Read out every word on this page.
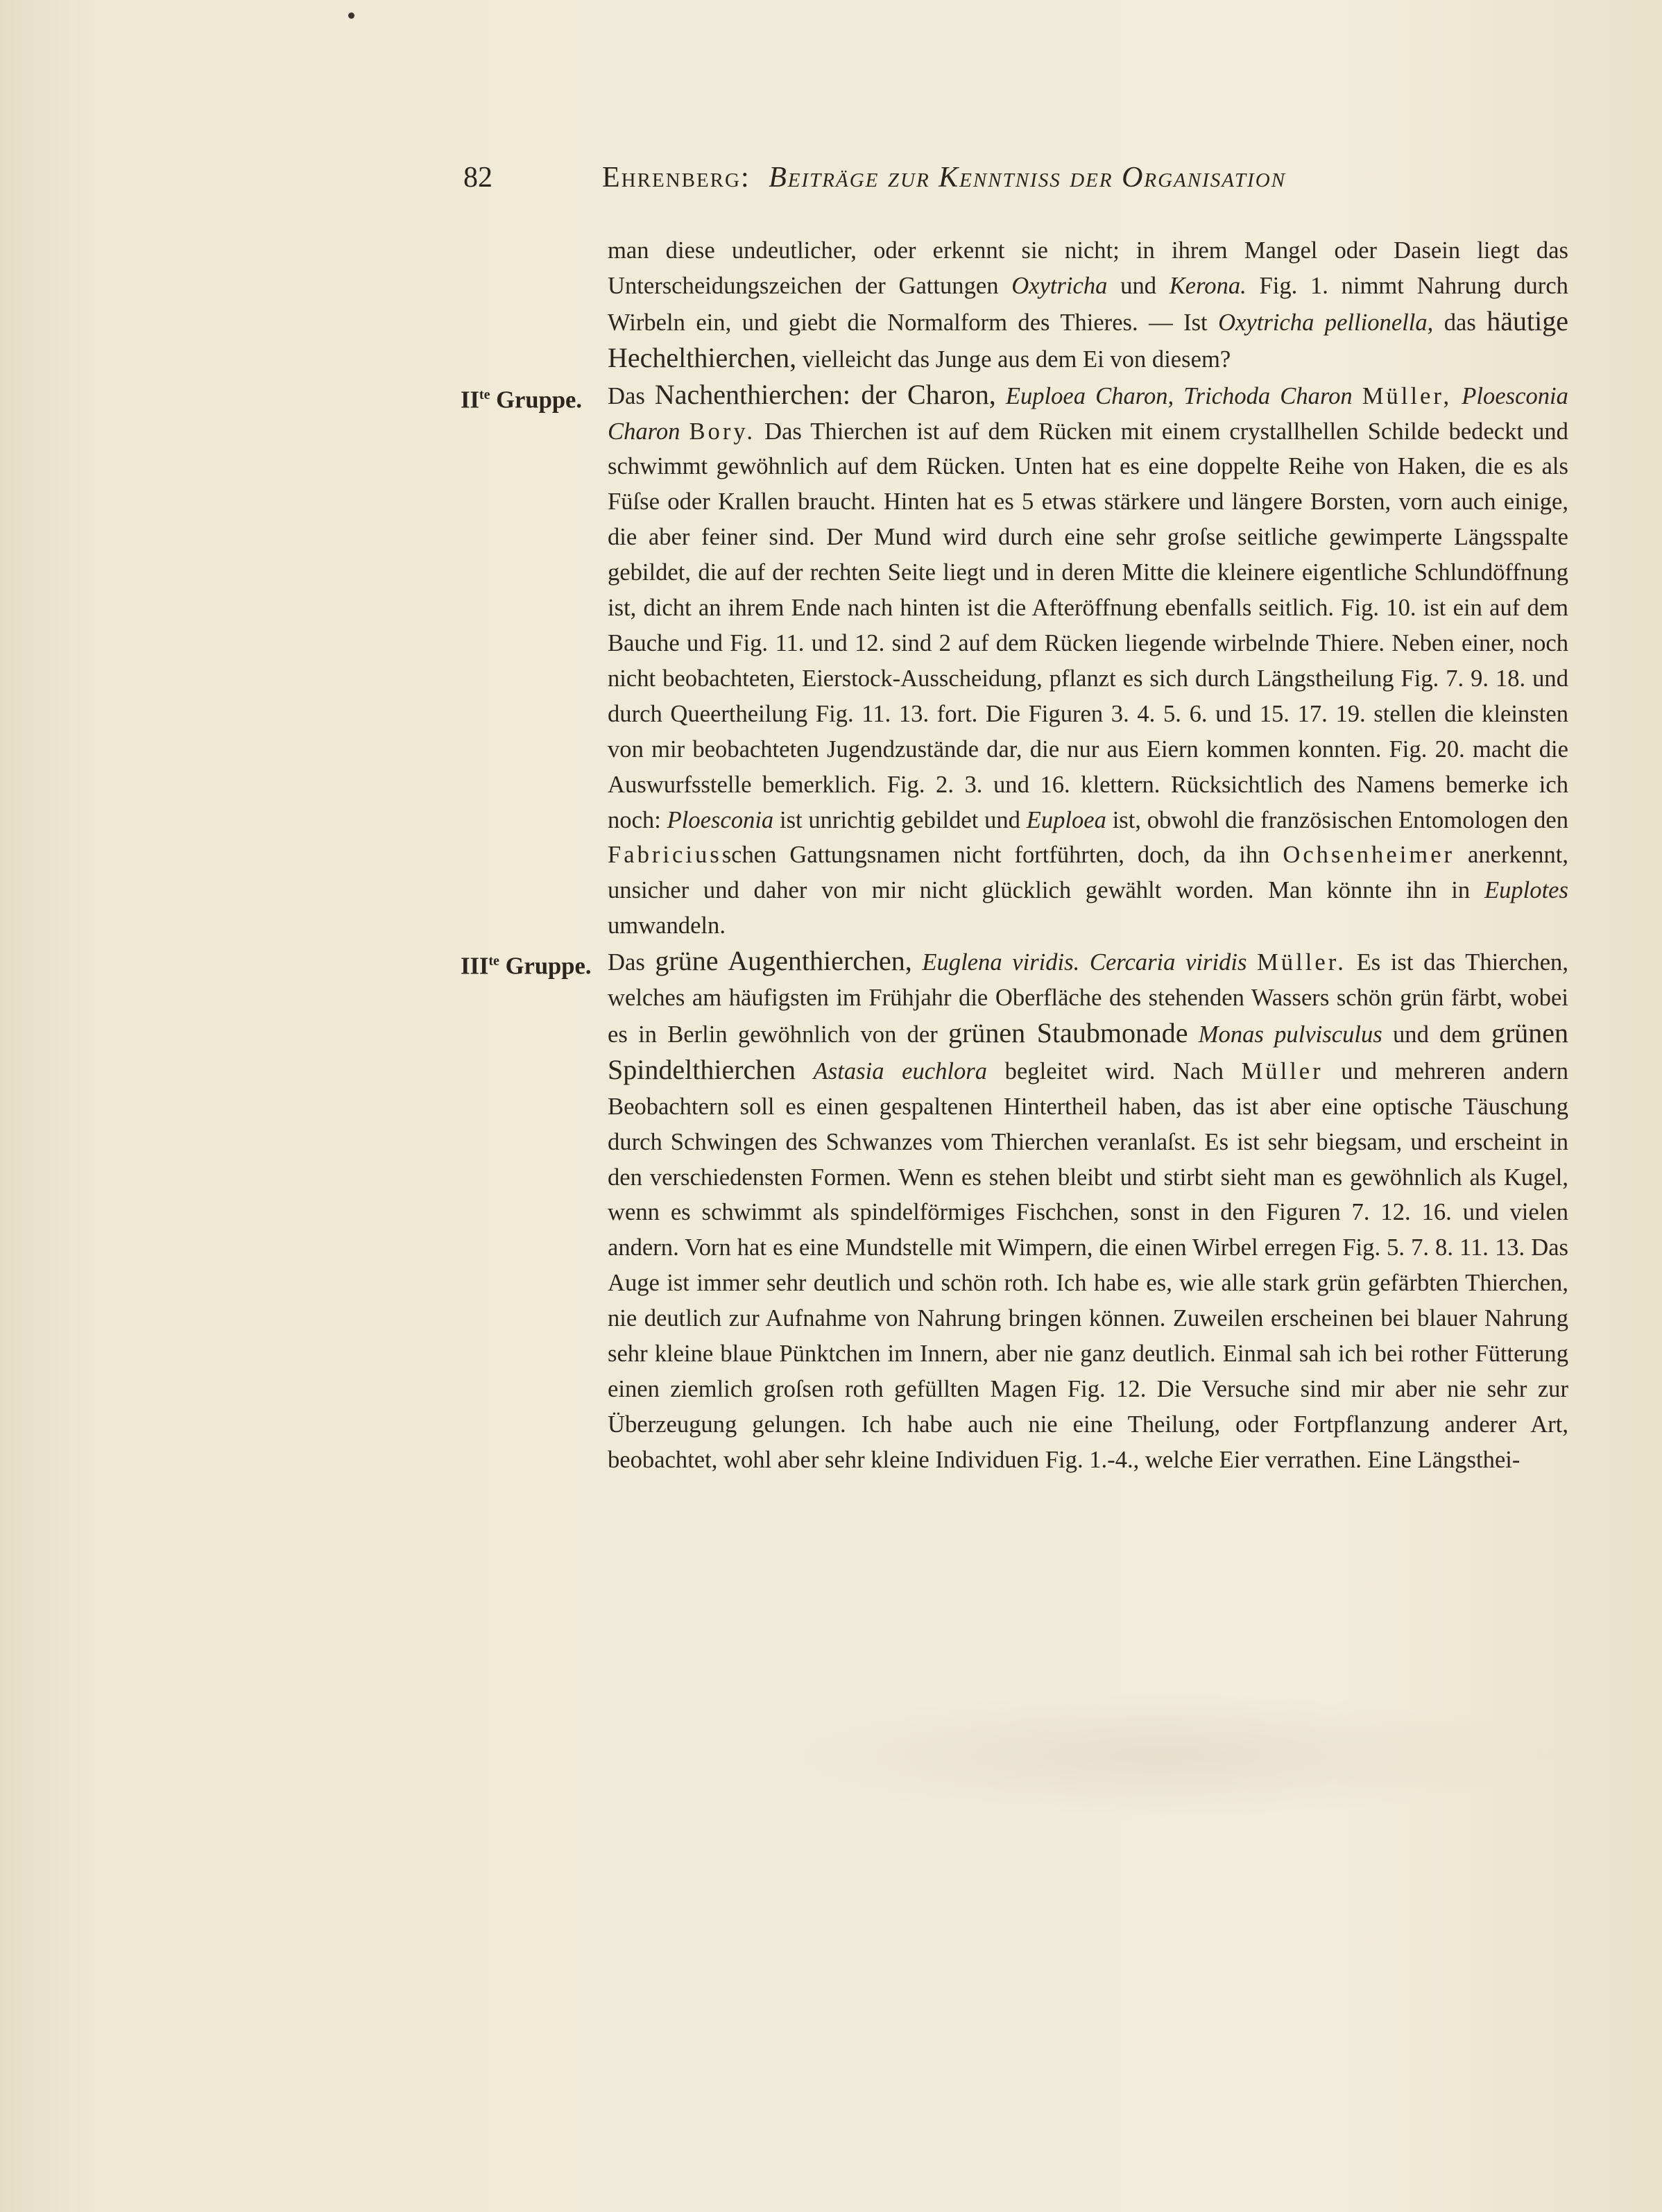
82	Ehrenberg: Beiträge zur Kenntniſs der Organisation

man diese undeutlicher, oder erkennt sie nicht; in ihrem Mangel oder Dasein liegt das Unterscheidungszeichen der Gattungen Oxytricha und Kerona. Fig. 1. nimmt Nahrung durch Wirbeln ein, und giebt die Normalform des Thieres. — Ist Oxytricha pellionella, das häutige Hechelthierchen, vielleicht das Junge aus dem Ei von diesem?

$II^{te}$ Gruppe. Das Nachenthierchen: der Charon, Euploea Charon, Trichoda Charon Müller, Ploesconia Charon Bory. Das Thierchen ist auf dem Rücken mit einem crystallhellen Schilde bedeckt und schwimmt gewöhnlich auf dem Rücken. Unten hat es eine doppelte Reihe von Haken, die es als Füſse oder Krallen braucht. Hinten hat es 5 etwas stärkere und längere Borsten, vorn auch einige, die aber feiner sind. Der Mund wird durch eine sehr groſse seitliche gewimperte Längsspalte gebildet, die auf der rechten Seite liegt und in deren Mitte die kleinere eigentliche Schlundöffnung ist, dicht an ihrem Ende nach hinten ist die Afteröffnung ebenfalls seitlich. Fig. 10. ist ein auf dem Bauche und Fig. 11. und 12. sind 2 auf dem Rücken liegende wirbelnde Thiere. Neben einer, noch nicht beobachteten, Eierstock-Ausscheidung, pflanzt es sich durch Längstheilung Fig. 7. 9. 18. und durch Queertheilung Fig. 11. 13. fort. Die Figuren 3. 4. 5. 6. und 15. 17. 19. stellen die kleinsten von mir beobachteten Jugendzustände dar, die nur aus Eiern kommen konnten. Fig. 20. macht die Auswurfsstelle bemerklich. Fig. 2. 3. und 16. klettern. Rücksichtlich des Namens bemerke ich noch: Ploesconia ist unrichtig gebildet und Euploea ist, obwohl die französischen Entomologen den Fabriciusschen Gattungsnamen nicht fortführten, doch, da ihn Ochsenheimer anerkennt, unsicher und daher von mir nicht glücklich gewählt worden. Man könnte ihn in Euplotes umwandeln.
$III^{te}$ Gruppe. Das grüne Augenthierchen, Euglena viridis. Cercaria viridis Müller. Es ist das Thierchen, welches am häufigsten im Frühjahr die Oberfläche des stehenden Wassers schön grün färbt, wobei es in Berlin gewöhnlich von der grünen Staubmonade Monas pulvisculus und dem grünen Spindelthierchen Astasia euchlora begleitet wird. Nach Müller und mehreren andern Beobachtern soll es einen gespaltenen Hintertheil haben, das ist aber eine optische Täuschung durch Schwingen des Schwanzes vom Thierchen veranlaſst. Es ist sehr biegsam, und erscheint in den verschiedensten Formen. Wenn es stehen bleibt und stirbt sieht man es gewöhnlich als Kugel, wenn es schwimmt als spindelförmiges Fischchen, sonst in den Figuren 7. 12. 16. und vielen andern. Vorn hat es eine Mundstelle mit Wimpern, die einen Wirbel erregen Fig. 5. 7. 8. 11. 13. Das Auge ist immer sehr deutlich und schön roth. Ich habe es, wie alle stark grün gefärbten Thierchen, nie deutlich zur Aufnahme von Nahrung bringen können. Zuweilen erscheinen bei blauer Nahrung sehr kleine blaue Pünktchen im Innern, aber nie ganz deutlich. Einmal sah ich bei rother Fütterung einen ziemlich groſsen roth gefüllten Magen Fig. 12. Die Versuche sind mir aber nie sehr zur Überzeugung gelungen. Ich habe auch nie eine Theilung, oder Fortpflanzung anderer Art, beobachtet, wohl aber sehr kleine Individuen Fig. 1.-4., welche Eier verrathen. Eine Längsthei-
